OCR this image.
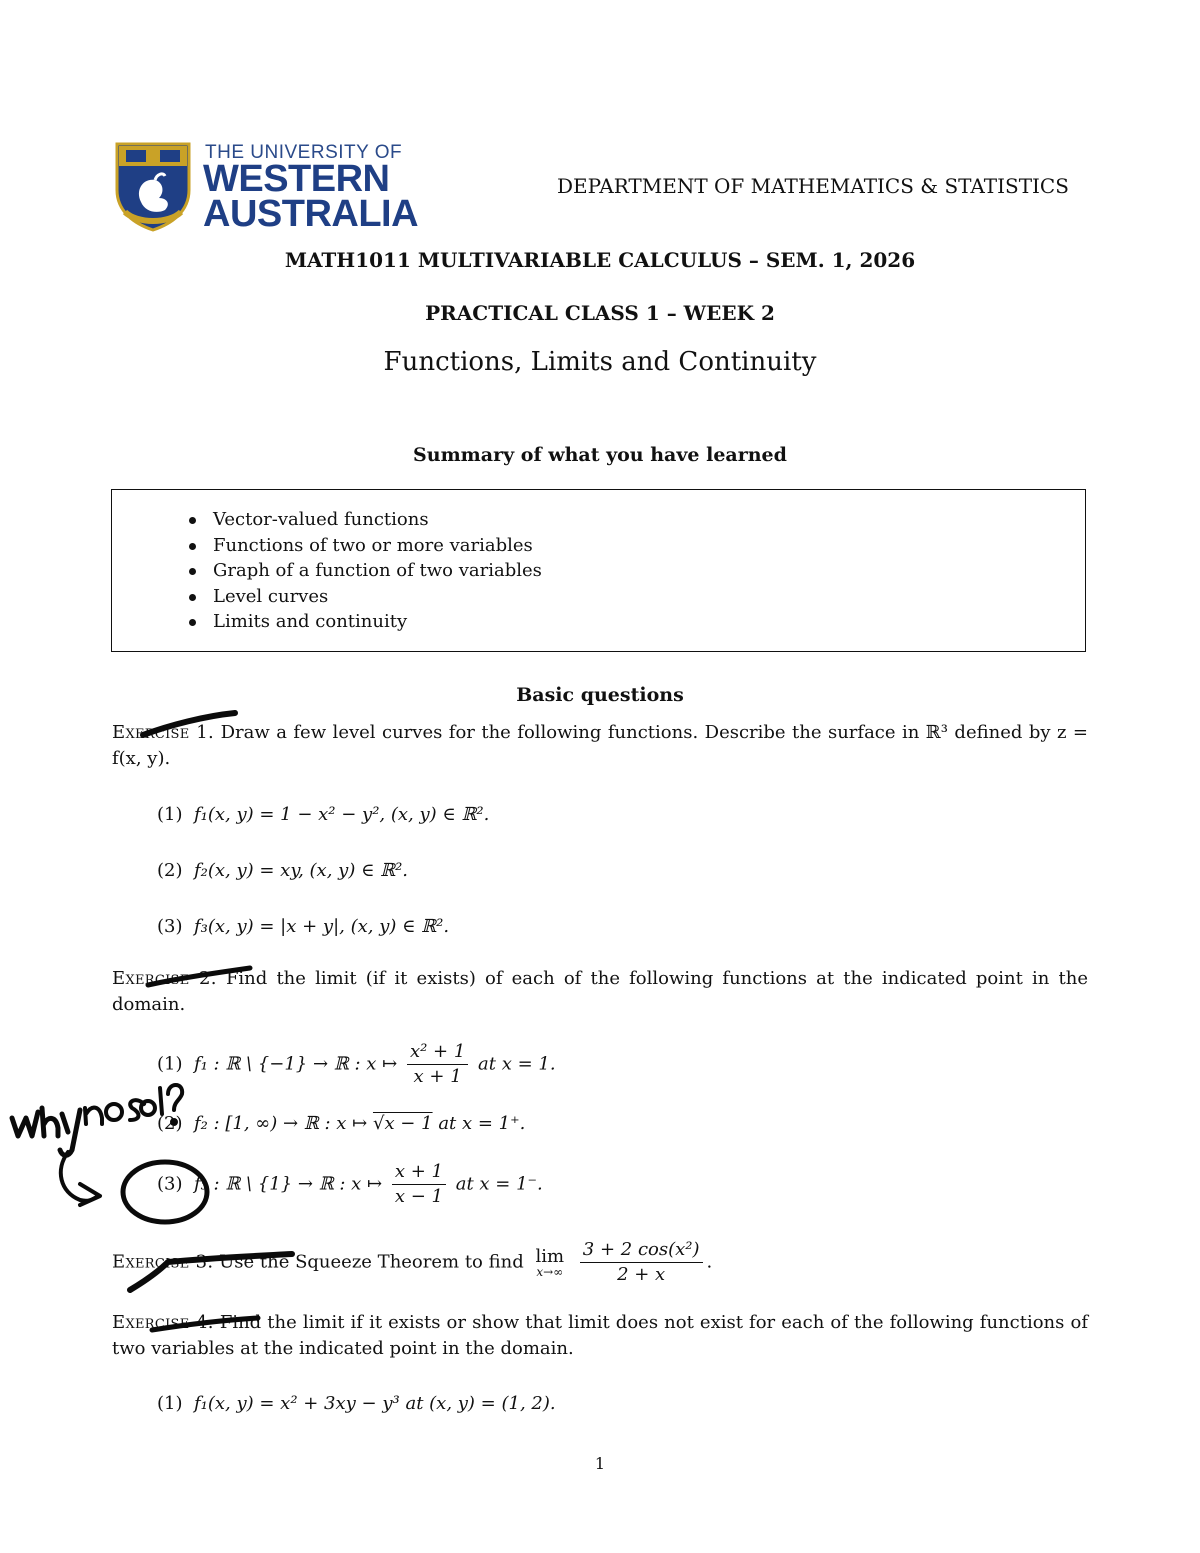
THE UNIVERSITY OF
WESTERN
AUSTRALIA
DEPARTMENT OF MATHEMATICS & STATISTICS
MATH1011 MULTIVARIABLE CALCULUS – SEM. 1, 2026
PRACTICAL CLASS 1 – WEEK 2
Functions, Limits and Continuity
Summary of what you have learned
Vector-valued functions
Functions of two or more variables
Graph of a function of two variables
Level curves
Limits and continuity
Basic questions
Exercise 1. Draw a few level curves for the following functions. Describe the surface in ℝ³ defined by z = f(x, y).
(1) f₁(x, y) = 1 − x² − y², (x, y) ∈ ℝ².
(2) f₂(x, y) = xy, (x, y) ∈ ℝ².
(3) f₃(x, y) = |x + y|, (x, y) ∈ ℝ².
Exercise 2. Find the limit (if it exists) of each of the following functions at the indicated point in the domain.
(1) f₁ : ℝ \ {−1} → ℝ : x ↦ $\frac{\text{x² + 1}}{x + 1}$ at x = 1.
(2) f₂ : [1, ∞) → ℝ : x ↦ √x − 1 at x = 1⁺.
(3) f₃ : ℝ \ {1} → ℝ : x ↦ $\frac{x + 1}{x - 1}$ at x = 1⁻.
Exercise 3. Use the Squeeze Theorem to find lim
x→∞
$\frac{\text{3 + 2 cos(x²)}}{2 + x}$ .
Exercise 4. Find the limit if it exists or show that limit does not exist for each of the following functions of two variables at the indicated point in the domain.
(1) f₁(x, y) = x² + 3xy − y³ at (x, y) = (1, 2).
1
